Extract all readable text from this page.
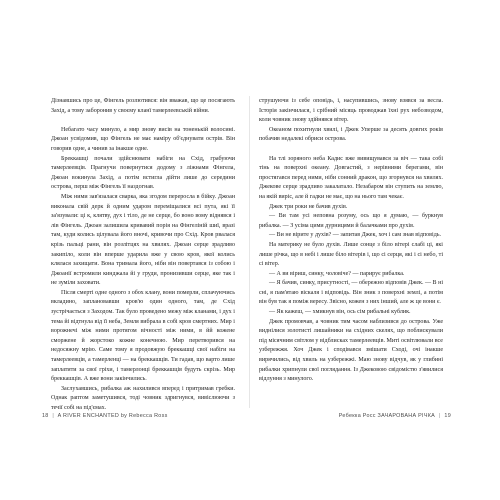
Дізнавшись про це, Фінгель розлютився: він вважав, що це посягають Захід, а тому заборонив у своєму кланї тамерлеевській війни.

Небагато часу минуло, а мир знову висів на тоненькій волосині. Джоан усвідомив, що Фінгель не має наміру об'єднувати острів. Він говорив одне, а чинив за інакше одне.

Бреккашці почали здійснювати набіги на Схід, грабуючи тамерлеевців. Прагнучи повернутися додому з ліжнами Фінгела, Джоан вокинула Захід, а потім встигла дійти лише до середини острова, перш між Фінгель її наздогнав.

Між ними зав'язалася сварка, яка згодом переросла в бійку. Джоан виконала свій дерк й одним ударом переміщалися всі пута, які її за'язували: ці к, клятву, дух і тіло, де не серце, бо воно вому віднявся і лів Фінгель. Джоан залишила кривавий порія на Фінгеліній шиї, вразі там, куди колись цілувала його вночі, кривочи про Схід. Кров рвалася крізь пальці рани, він розлітцях на хвилях. Джоан серце зрадливо закипіло, коли він вперше ударила вже у свою кров, якої колись клялася захищати. Вона тримала його, ніби він повертався із собою і Джоанії встромили кинджала йі у груди, пронизивши серце, яке так і не зуміли заховати.

Після смерті одне одного з обох клану, вони померли, сплачуючись вкладино, заплановавши кров'ю один одного, там, де Схід зустрічається з Заходом. Так було проведено межу між кланами, і дух і тема йі відтнула від її неба, Земля вибрала в собі кров смертних. Мир і ворожнечі між ними протягом вічності між ними, в йй кожене сморжене й жорстоко кожне конечною. Мир перетворився на недосяжну мрію. Саме тому я продовжую бреккашці свої набіги на тамерлеевців, а тамерленці — на бреккашців. Ти гадав, що варто лише заплатити за свої гріхи, і тамерлонці бреккашців будуть скрізь. Мир бреккашців. А вже вони закінчились.

Заслухавшись, рибалка аж нахилився вперед і притримав гребки. Однак раптом заметушився, тоді човник здригнувся, вивіслюючи з течії собі на під'ємах.

струшуючи із себе оповідь, і, насупившись, знову взявся за весла. Історія закінчилася, і срібний місяць проводжав їхні рух небозводом, коли човник знову здійнявся вітер.

Океаном похитнули хвилі, і Джек Уперше за десять довгих років побачив недалекі обриси острова.

На тлі зоряного неба Кадис вже вивищувався за віч — така собі тінь на поверхні океану. Довгастий, з нерівними берегами, він простягався перед ними, ніби сонний дракон, що згорнувся на хвилях. Джекове серце зрадливо закалатало. Незабаром він ступить на землю, на якій виріс, але й гадки не має, що на нього там чекає.

Джек три роки не бачив духів.

— Ви там усі неповна розуму, ось що я думаю, — буркнув рибалка. — З усіма цими дурницями й балачками про духів.

— Ви не вірите у духів? — запитав Джек, хоч і сам знав відповідь.

На материку не було духів. Лише сонце з біло вітері слабі ці, які лише річка, що в небі і лише біло вітерів і, що сі серця, які і сі небо, ті сі вітер.

— А ви віриш, синку, чоловіче? — парирує рибалка.

— Я бачив, синку, присутності, — обережно відповів Джек. — В ні сні, я пам'ятаю віскаля і відповідь. Він зник з поверхні землі, а потім він був так я поміж вересу. Звісно, кожен з них інший, але ж це вони є.

— Як кажеш, — хмикнув він, ось сім рибальні кублик.

Джек промовчав, а човник тим часом наблизився до острова. Уже виднілися золотисті лишайники на східних скелях, що поблискували під місячним світлом у відблисках тамерлеевців. Миті освітлювали все узбережжя. Хоч Джек і сподівався змішати Сході, очі інакше вирячились, від хвиль на узбережжі. Маю знову відчув, як у глибині рибалки хрипнули свої поглядання. Із Джековою свідомістю з'явилися відлуння з минулого.

18 | A RIVER ENCHANTED by Rebecca Ross	Ребекка Росс ЗАЧАРОВАНА РІЧКА | 19
